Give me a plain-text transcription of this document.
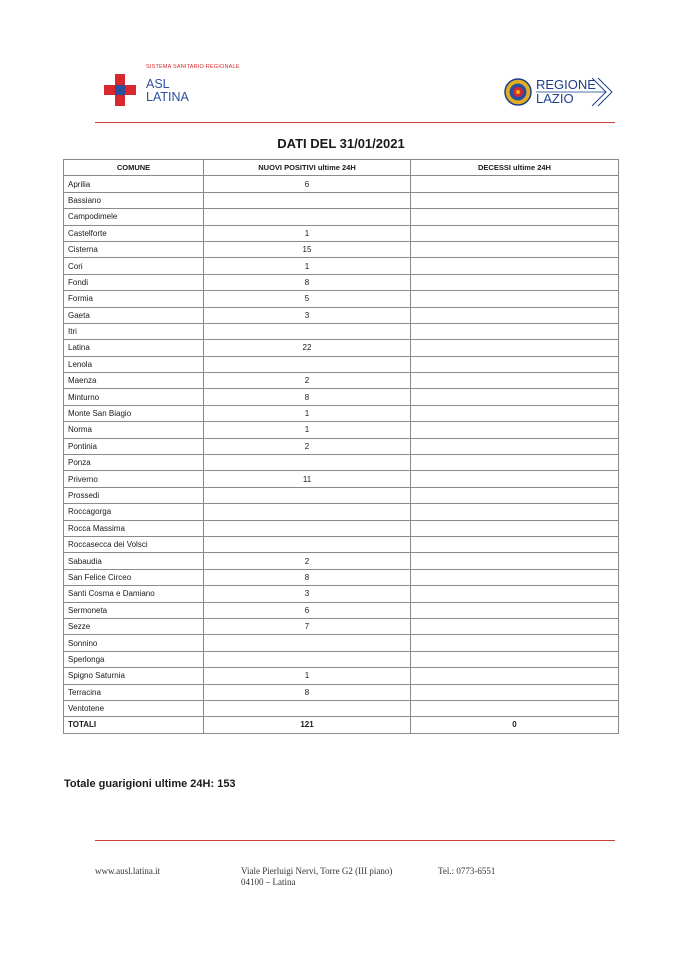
SISTEMA SANITARIO REGIONALE
ASL
LATINA
REGIONE
LAZIO
DATI DEL 31/01/2021
COMUNE	NUOVI POSITIVI ultime 24H	DECESSI ultime 24H
Aprilia	6	
Bassiano		
Campodimele		
Castelforte	1	
Cisterna	15	
Cori	1	
Fondi	8	
Formia	5	
Gaeta	3	
Itri		
Latina	22	
Lenola		
Maenza	2	
Minturno	8	
Monte San Biagio	1	
Norma	1	
Pontinia	2	
Ponza		
Priverno	11	
Prossedi		
Roccagorga		
Rocca Massima		
Roccasecca dei Volsci		
Sabaudia	2	
San Felice Circeo	8	
Santi Cosma e Damiano	3	
Sermoneta	6	
Sezze	7	
Sonnino		
Sperlonga		
Spigno Saturnia	1	
Terracina	8	
Ventotene		
TOTALI	121	0
Totale guarigioni ultime 24H: 153
www.ausl.latina.it	Viale Pierluigi Nervi, Torre G2 (III piano)
04100 – Latina
Tel.: 0773-6551
